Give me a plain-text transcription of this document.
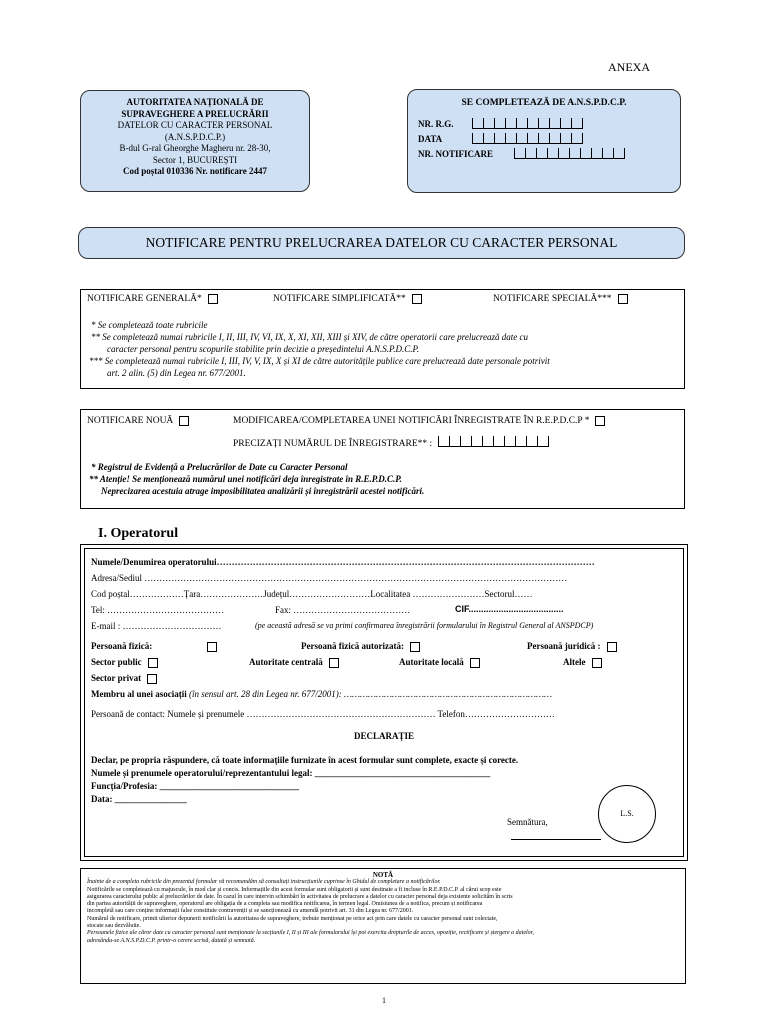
ANEXA
AUTORITATEA NAȚIONALĂ DE
SUPRAVEGHERE A PRELUCRĂRII
DATELOR CU CARACTER PERSONAL
(A.N.S.P.D.C.P.)
B-dul G-ral Gheorghe Magheru nr. 28-30,
Sector 1, BUCUREȘTI
Cod poștal 010336 Nr. notificare 2447
SE COMPLETEAZĂ DE A.N.S.P.D.C.P.
NR. R.G.
DATA
NR. NOTIFICARE
NOTIFICARE PENTRU PRELUCRAREA DATELOR CU CARACTER PERSONAL
NOTIFICARE GENERALĂ*	NOTIFICARE SIMPLIFICATĂ**	NOTIFICARE SPECIALĂ***
* Se completează toate rubricile
** Se completează numai rubricile I, II, III, IV, VI, IX, X, XI, XII, XIII și XIV, de către operatorii care prelucrează date cu
caracter personal pentru scopurile stabilite prin decizie a președintelui A.N.S.P.D.C.P.
*** Se completează numai rubricile I, III, IV, V, IX, X și XI de către autoritățile publice care prelucrează date personale potrivit
art. 2 alin. (5) din Legea nr. 677/2001.
NOTIFICARE NOUĂ	MODIFICAREA/COMPLETAREA UNEI NOTIFICĂRI ÎNREGISTRATE ÎN R.E.P.D.C.P *
PRECIZAȚI NUMĂRUL DE ÎNREGISTRARE** :
* Registrul de Evidență a Prelucrărilor de Date cu Caracter Personal
** Atenție! Se menționează numărul unei notificări deja înregistrate în R.E.P.D.C.P.
Neprecizarea acestuia atrage imposibilitatea analizării și înregistrării acestei notificări.
I. Operatorul
Numele/Denumirea operatorului………………………………………………………………………………………………………………
Adresa/Sediul ……………………………………………………………………………………………………………………………
Cod poștal………………Țara…………………Județul………………………Localitatea ……………………Sectorul……
Tel: …………………………………	Fax: …………………………………	CIF......................................
E-mail : ……………………………	(pe această adresă se va primi confirmarea înregistrării formularului în Registrul General al ANSPDCP)
Persoană fizică:	Persoană fizică autorizată:	Persoană juridică :
Sector public	Autoritate centrală	Autoritate locală	Altele
Sector privat
Membru al unei asociații (în sensul art. 28 din Legea nr. 677/2001): ……………………………………………………………………
Persoană de contact: Numele și prenumele ……………………………………………………… Telefon…………………………
DECLARAȚIE
Declar, pe propria răspundere, că toate informațiile furnizate în acest formular sunt complete, exacte și corecte.
Numele și prenumele operatorului/reprezentantului legal: _______________________________________
Funcția/Profesia: _______________________________
Data: ________________
Semnătura,
L.S.
NOTĂ
Înainte de a completa rubricile din prezentul formular vă recomandăm să consultați instrucțiunile cuprinse în Ghidul de completare a notificărilor.
Notificările se completează cu majuscule, în mod clar și concis. Informațiile din acest formular sunt obligatorii și sunt destinate a fi incluse în R.E.P.D.C.P. al cărui scop este
asigurarea caracterului public al prelucrărilor de date. În cazul în care intervin schimbări în activitatea de prelucrare a datelor cu caracter personal deja existente solicităm în scris
din partea autorității de supraveghere, operatorul are obligația de a completa sau modifica notificarea, în termen legal. Omisiunea de a notifica, precum și notificarea
incompletă sau care conține informații false constituie contravenții și se sancționează cu amendă potrivit art. 31 din Legea nr. 677/2001.
Numărul de notificare, primit ulterior depunerii notificării la autoritatea de supraveghere, trebuie menționat pe orice act prin care datele cu caracter personal sunt colectate,
stocate sau dezvăluite.
Persoanele fizice ale căror date cu caracter personal sunt menționate la secțiunile I, II și III ale formularului își pot exercita drepturile de acces, opoziție, rectificare și ștergere a datelor,
adresându-se A.N.S.P.D.C.P. printr-o cerere scrisă, datată și semnată.
1
